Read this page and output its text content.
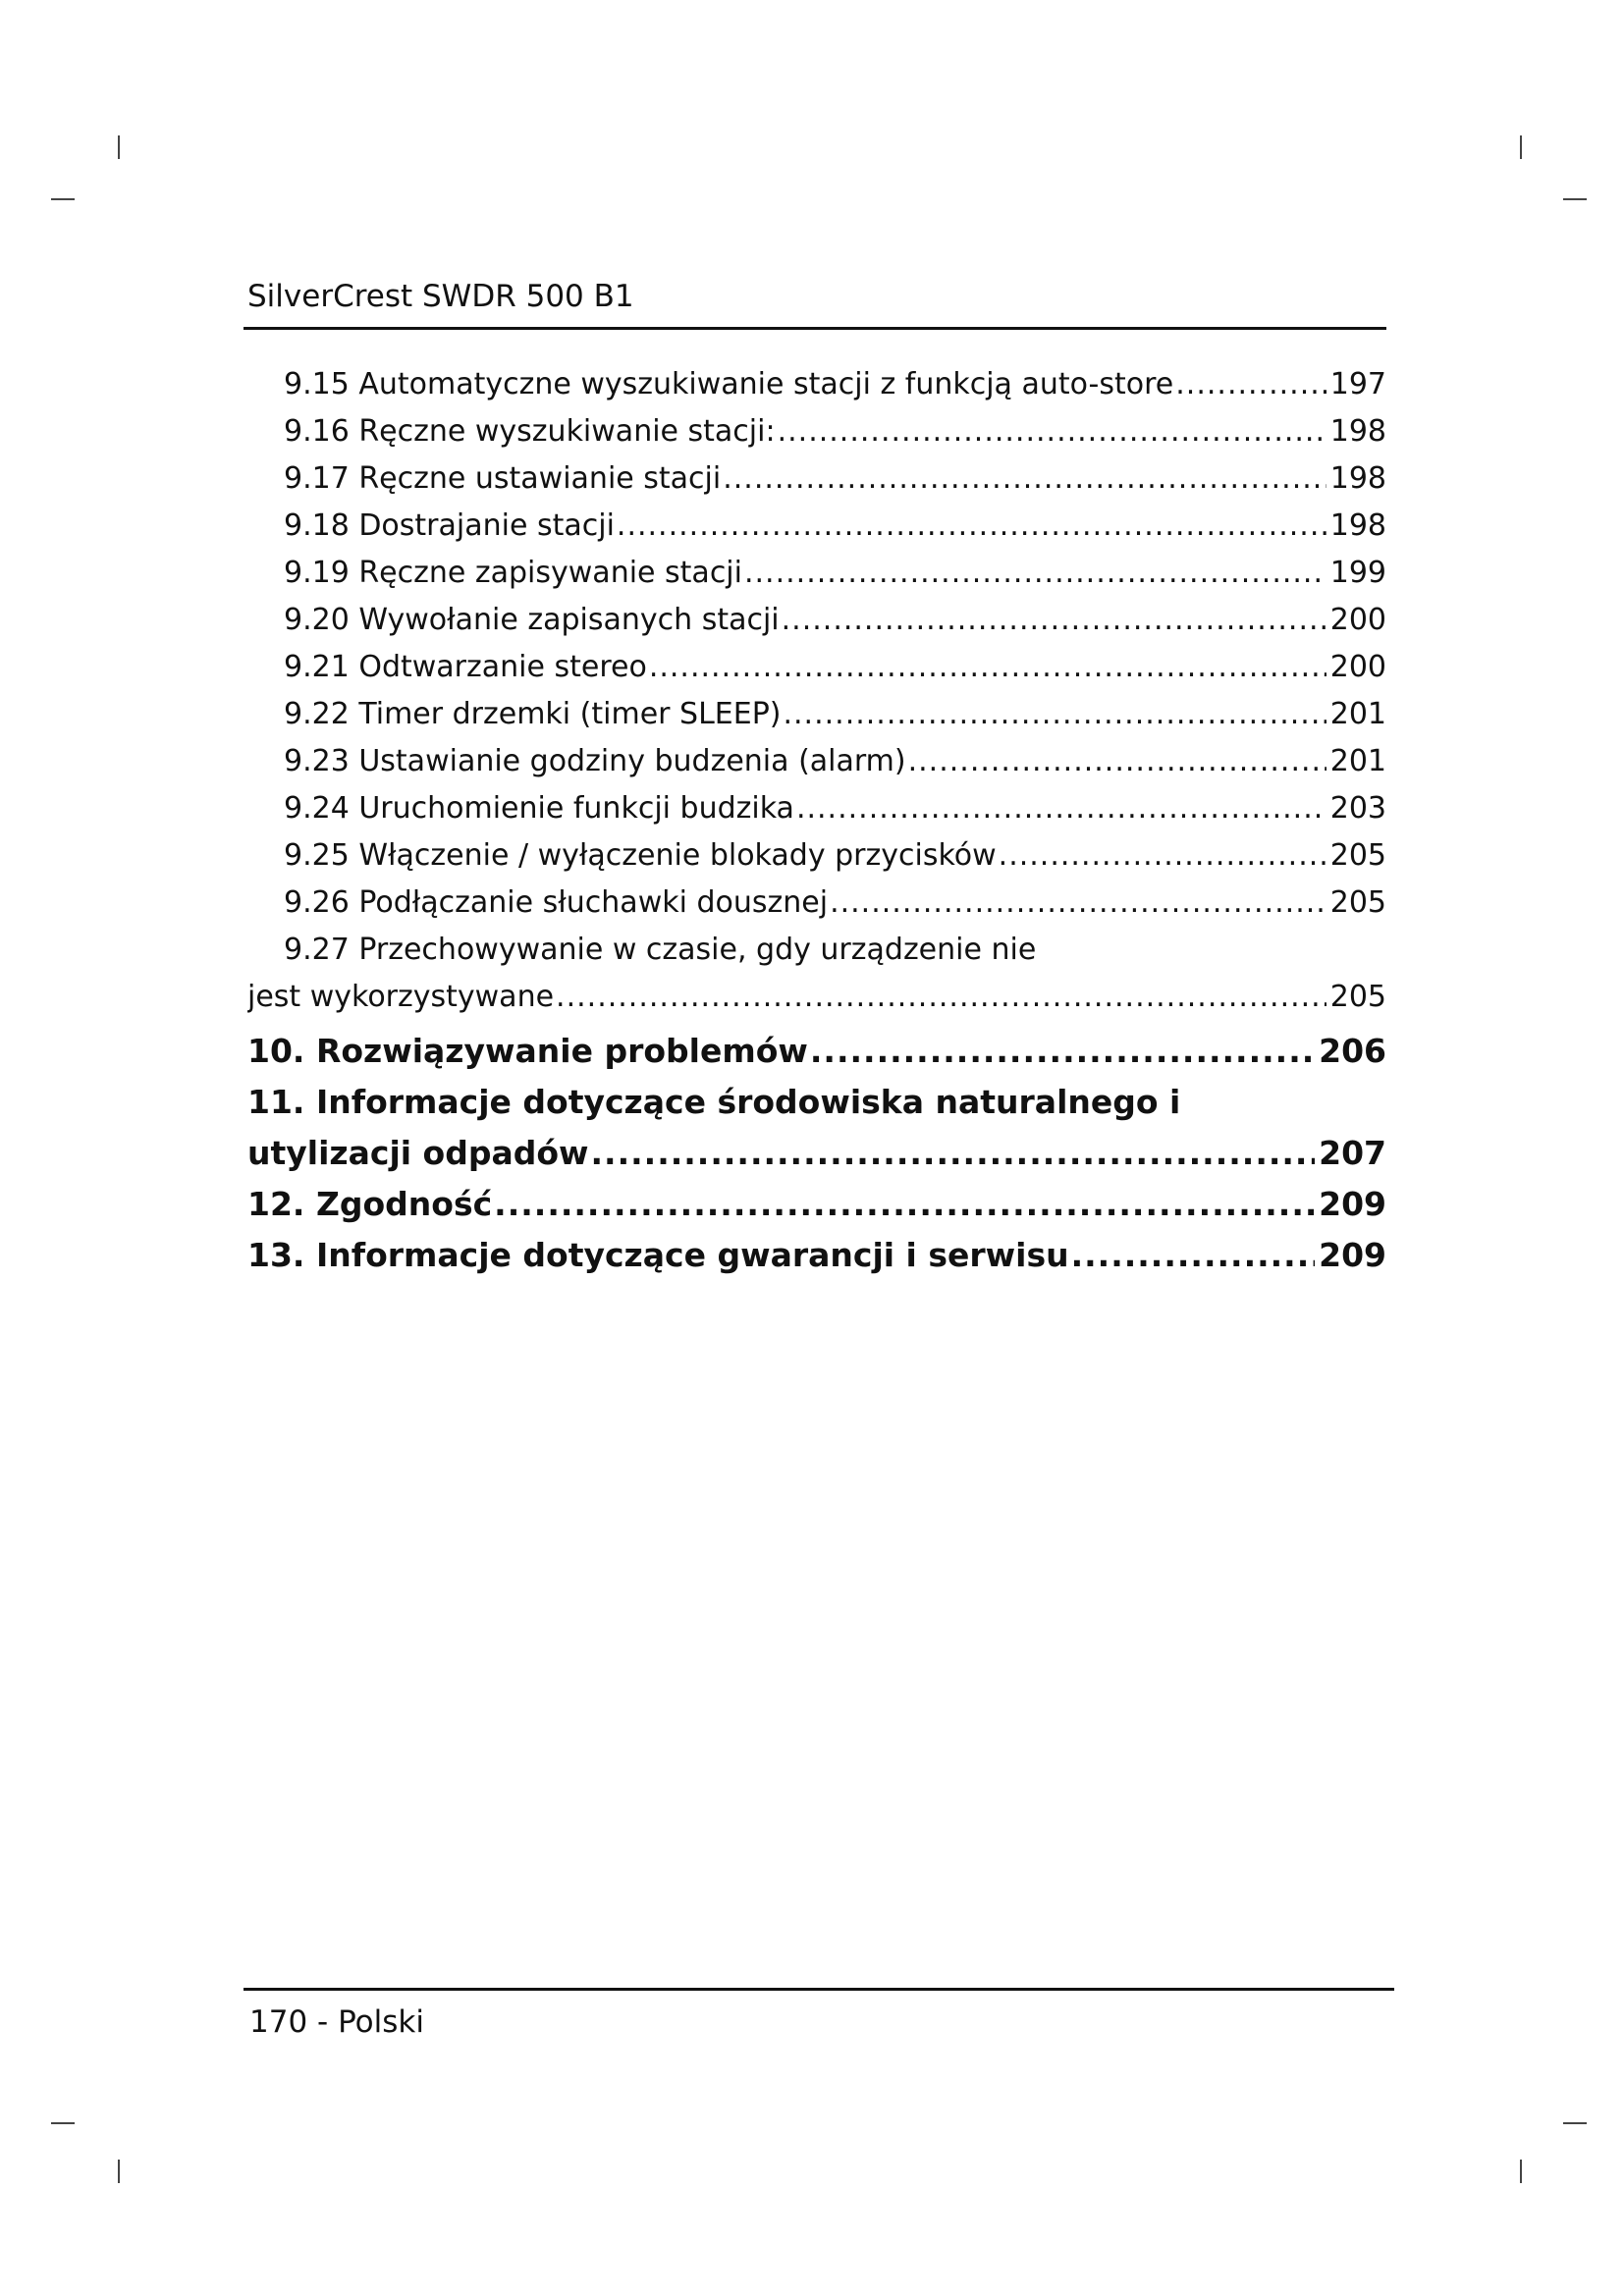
SilverCrest SWDR 500 B1
9.15 Automatyczne wyszukiwanie stacji z funkcją auto-store .....	197
9.16 Ręczne wyszukiwanie stacji: .....	198
9.17 Ręczne ustawianie stacji .....	198
9.18 Dostrajanie stacji .....	198
9.19 Ręczne zapisywanie stacji .....	199
9.20 Wywołanie zapisanych stacji .....	200
9.21 Odtwarzanie stereo .....	200
9.22 Timer drzemki (timer SLEEP) .....	201
9.23 Ustawianie godziny budzenia (alarm) .....	201
9.24 Uruchomienie funkcji budzika .....	203
9.25 Włączenie / wyłączenie blokady przycisków .....	205
9.26 Podłączanie słuchawki dousznej .....	205
9.27 Przechowywanie w czasie, gdy urządzenie nie
jest wykorzystywane .....	205
10. Rozwiązywanie problemów .....	206
11. Informacje dotyczące środowiska naturalnego i
utylizacji odpadów .....	207
12. Zgodność .....	209
13. Informacje dotyczące gwarancji i serwisu .....	209
170 - Polski
